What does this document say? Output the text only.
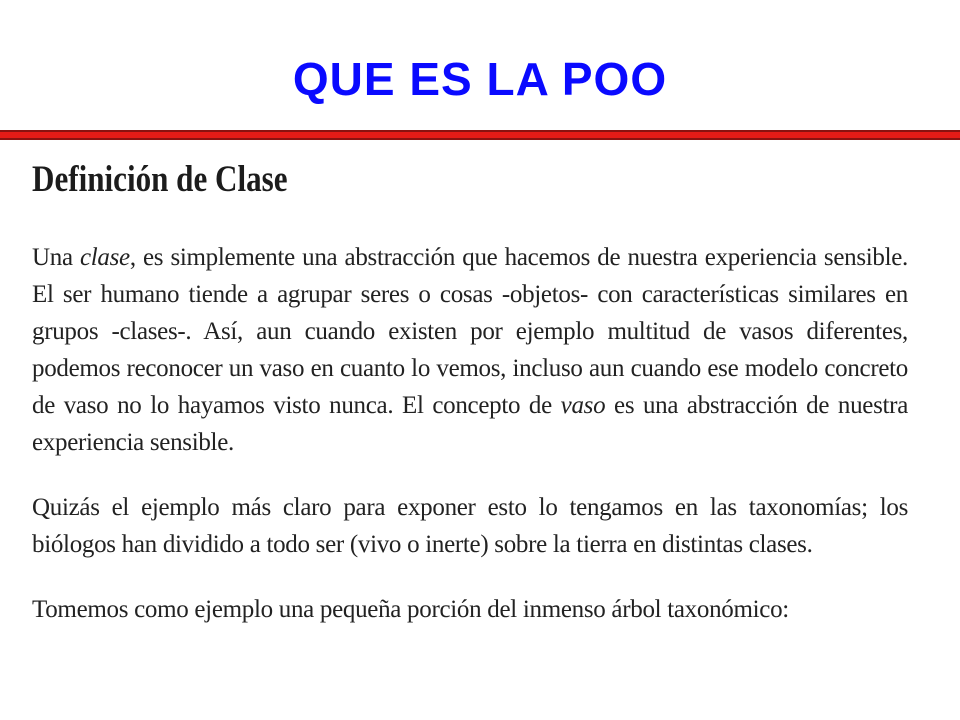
QUE ES LA POO
Definición de Clase

Una clase, es simplemente una abstracción que hacemos de nuestra experiencia sensible. El ser humano tiende a agrupar seres o cosas -objetos- con características similares en grupos -clases-. Así, aun cuando existen por ejemplo multitud de vasos diferentes, podemos reconocer un vaso en cuanto lo vemos, incluso aun cuando ese modelo concreto de vaso no lo hayamos visto nunca. El concepto de vaso es una abstracción de nuestra experiencia sensible.

Quizás el ejemplo más claro para exponer esto lo tengamos en las taxonomías; los biólogos han dividido a todo ser (vivo o inerte) sobre la tierra en distintas clases.

Tomemos como ejemplo una pequeña porción del inmenso árbol taxonómico:
